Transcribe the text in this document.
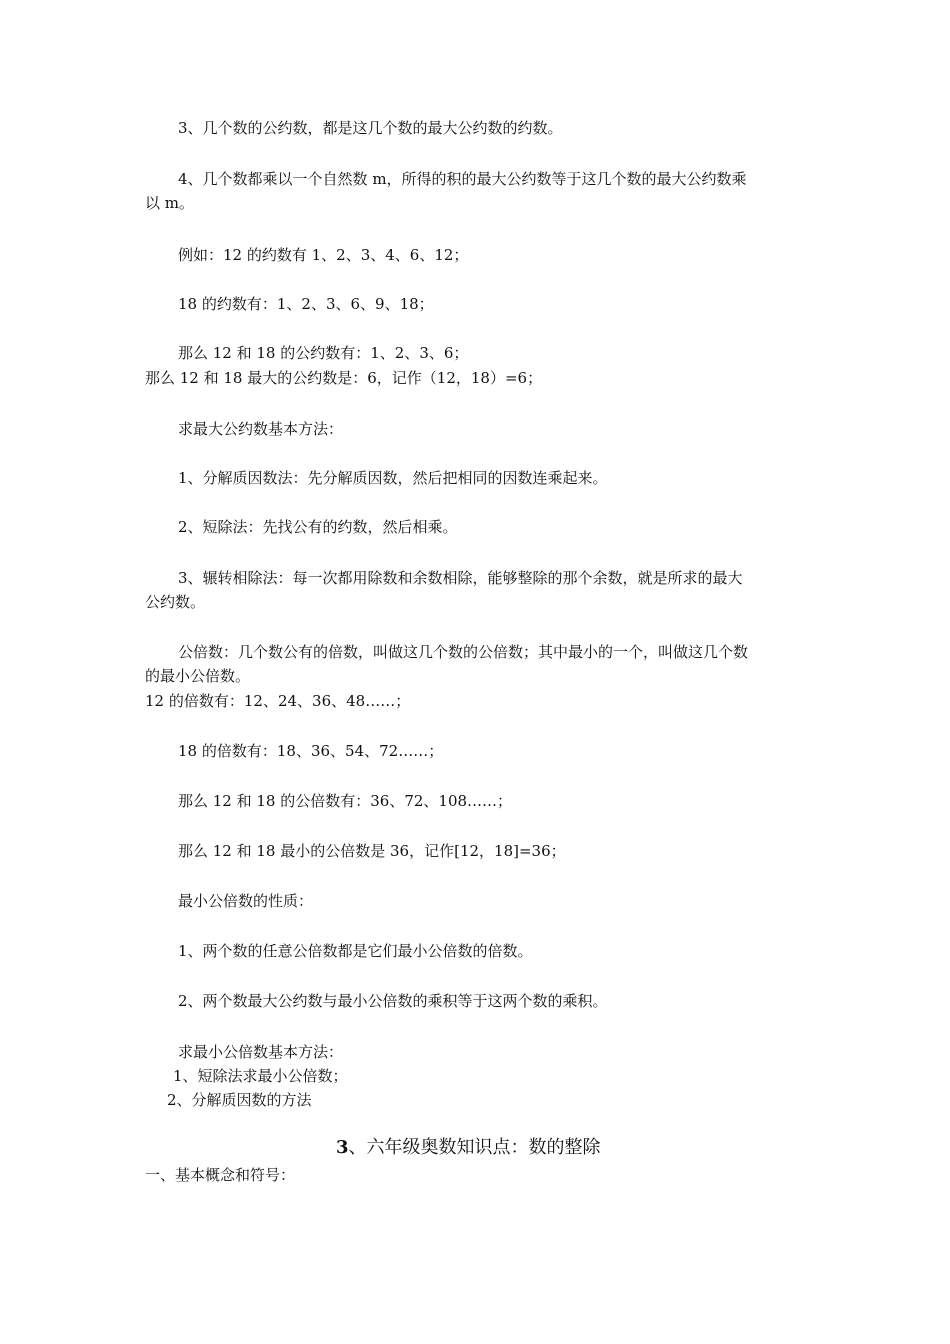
3、几个数的公约数，都是这几个数的最大公约数的约数。
4、几个数都乘以一个自然数 m，所得的积的最大公约数等于这几个数的最大公约数乘
以 m。
例如：12 的约数有 1、2、3、4、6、12；
18 的约数有：1、2、3、6、9、18；
那么 12 和 18 的公约数有：1、2、3、6；
那么 12 和 18 最大的公约数是：6，记作（12，18）=6；
求最大公约数基本方法：
1、分解质因数法：先分解质因数，然后把相同的因数连乘起来。
2、短除法：先找公有的约数，然后相乘。
3、辗转相除法：每一次都用除数和余数相除，能够整除的那个余数，就是所求的最大
公约数。
公倍数：几个数公有的倍数，叫做这几个数的公倍数；其中最小的一个，叫做这几个数
的最小公倍数。
12 的倍数有：12、24、36、48……；
18 的倍数有：18、36、54、72……；
那么 12 和 18 的公倍数有：36、72、108……；
那么 12 和 18 最小的公倍数是 36，记作[12，18]=36；
最小公倍数的性质：
1、两个数的任意公倍数都是它们最小公倍数的倍数。
2、两个数最大公约数与最小公倍数的乘积等于这两个数的乘积。
求最小公倍数基本方法：
1、短除法求最小公倍数；
2、分解质因数的方法
3、六年级奥数知识点：数的整除
一、基本概念和符号：
